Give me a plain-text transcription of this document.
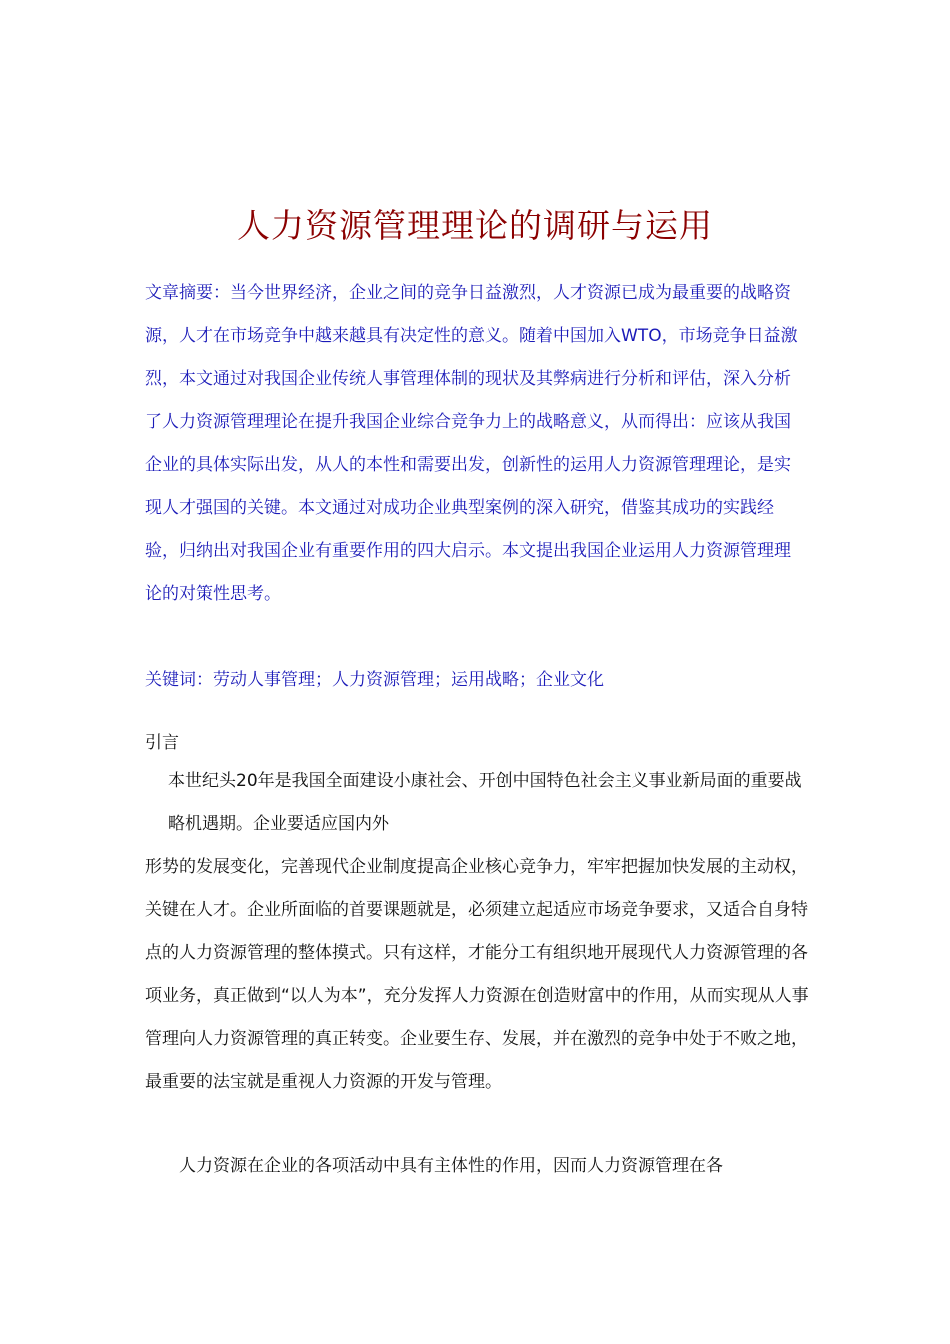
人力资源管理理论的调研与运用

文章摘要：当今世界经济，企业之间的竞争日益激烈，人才资源已成为最重要的战略资源，人才在市场竞争中越来越具有决定性的意义。随着中国加入WTO，市场竞争日益激烈，本文通过对我国企业传统人事管理体制的现状及其弊病进行分析和评估，深入分析了人力资源管理理论在提升我国企业综合竞争力上的战略意义，从而得出：应该从我国企业的具体实际出发，从人的本性和需要出发，创新性的运用人力资源管理理论，是实现人才强国的关键。本文通过对成功企业典型案例的深入研究，借鉴其成功的实践经验，归纳出对我国企业有重要作用的四大启示。本文提出我国企业运用人力资源管理理论的对策性思考。

关键词：劳动人事管理；人力资源管理；运用战略；企业文化

引言

本世纪头20年是我国全面建设小康社会、开创中国特色社会主义事业新局面的重要战略机遇期。企业要适应国内外

形势的发展变化，完善现代企业制度提高企业核心竞争力，牢牢把握加快发展的主动权，关键在人才。企业所面临的首要课题就是，必须建立起适应市场竞争要求，又适合自身特点的人力资源管理的整体摸式。只有这样，才能分工有组织地开展现代人力资源管理的各项业务，真正做到“以人为本”，充分发挥人力资源在创造财富中的作用，从而实现从人事管理向人力资源管理的真正转变。企业要生存、发展，并在激烈的竞争中处于不败之地，最重要的法宝就是重视人力资源的开发与管理。

人力资源在企业的各项活动中具有主体性的作用，因而人力资源管理在各
